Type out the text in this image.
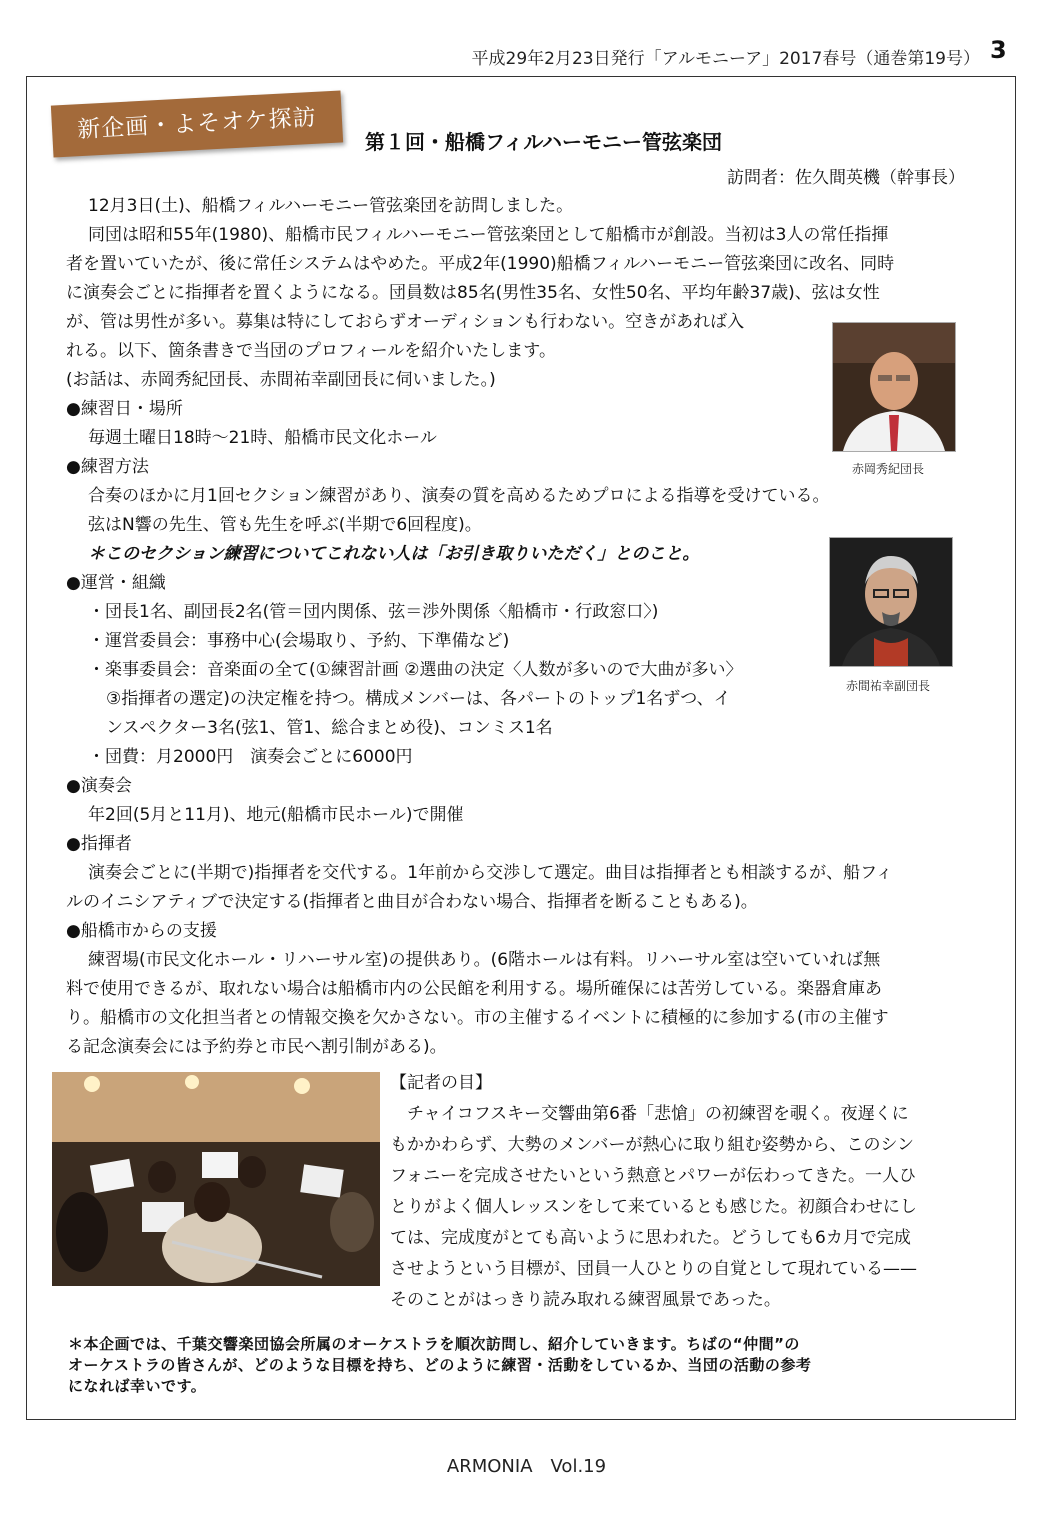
平成29年2月23日発行「アルモニーア」2017春号（通巻第19号） 3
新企画・よそオケ探訪	第１回・船橋フィルハーモニー管弦楽団
訪問者：佐久間英機（幹事長）

12月3日(土)、船橋フィルハーモニー管弦楽団を訪問しました。

同団は昭和55年(1980)、船橋市民フィルハーモニー管弦楽団として船橋市が創設。当初は3人の常任指揮

者を置いていたが、後に常任システムはやめた。平成2年(1990)船橋フィルハーモニー管弦楽団に改名、同時

に演奏会ごとに指揮者を置くようになる。団員数は85名(男性35名、女性50名、平均年齢37歳)、弦は女性

が、管は男性が多い。募集は特にしておらずオーディションも行わない。空きがあれば入

れる。以下、箇条書きで当団のプロフィールを紹介いたします。

(お話は、赤岡秀紀団長、赤間祐幸副団長に伺いました。)

●練習日・場所

毎週土曜日18時〜21時、船橋市民文化ホール

●練習方法

合奏のほかに月1回セクション練習があり、演奏の質を高めるためプロによる指導を受けている。

弦はN響の先生、管も先生を呼ぶ(半期で6回程度)。

＊このセクション練習についてこれない人は「お引き取りいただく」とのこと。

●運営・組織

・団長1名、副団長2名(管＝団内関係、弦＝渉外関係〈船橋市・行政窓口〉)

・運営委員会：事務中心(会場取り、予約、下準備など)

・楽事委員会：音楽面の全て(①練習計画 ②選曲の決定〈人数が多いので大曲が多い〉

③指揮者の選定)の決定権を持つ。構成メンバーは、各パートのトップ1名ずつ、イ

ンスペクター3名(弦1、管1、総合まとめ役)、コンミス1名

・団費：月2000円　演奏会ごとに6000円

●演奏会

年2回(5月と11月)、地元(船橋市民ホール)で開催

●指揮者

演奏会ごとに(半期で)指揮者を交代する。1年前から交渉して選定。曲目は指揮者とも相談するが、船フィ

ルのイニシアティブで決定する(指揮者と曲目が合わない場合、指揮者を断ることもある)。

●船橋市からの支援

練習場(市民文化ホール・リハーサル室)の提供あり。(6階ホールは有料。リハーサル室は空いていれば無

料で使用できるが、取れない場合は船橋市内の公民館を利用する。場所確保には苦労している。楽器倉庫あ

り。船橋市の文化担当者との情報交換を欠かさない。市の主催するイベントに積極的に参加する(市の主催す

る記念演奏会には予約券と市民へ割引制がある)。

赤岡秀紀団長
赤間祐幸副団長
【記者の目】
　チャイコフスキー交響曲第6番「悲愴」の初練習を覗く。夜遅くに
もかかわらず、大勢のメンバーが熱心に取り組む姿勢から、このシン
フォニーを完成させたいという熱意とパワーが伝わってきた。一人ひ
とりがよく個人レッスンをして来ているとも感じた。初顔合わせにし
ては、完成度がとても高いように思われた。どうしても6カ月で完成
させようという目標が、団員一人ひとりの自覚として現れている——
そのことがはっきり読み取れる練習風景であった。
＊本企画では、千葉交響楽団協会所属のオーケストラを順次訪問し、紹介していきます。ちばの“仲間”の
オーケストラの皆さんが、どのような目標を持ち、どのように練習・活動をしているか、当団の活動の参考
になれば幸いです。
ARMONIA　Vol.19
